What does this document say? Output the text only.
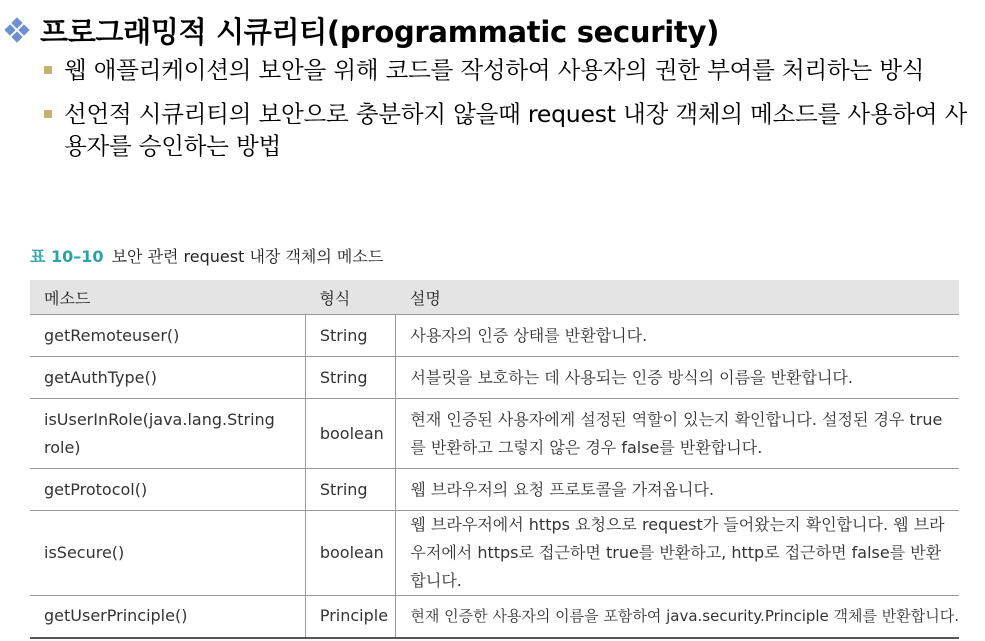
프로그래밍적 시큐리티(programmatic security)
웹 애플리케이션의 보안을 위해 코드를 작성하여 사용자의 권한 부여를 처리하는 방식
선언적 시큐리티의 보안으로 충분하지 않을때 request 내장 객체의 메소드를 사용하여 사용자를 승인하는 방법
표 10–10 보안 관련 request 내장 객체의 메소드
메소드	형식	설명
getRemoteuser()	String	사용자의 인증 상태를 반환합니다.
getAuthType()	String	서블릿을 보호하는 데 사용되는 인증 방식의 이름을 반환합니다.
isUserInRole(java.lang.String role)	boolean	현재 인증된 사용자에게 설정된 역할이 있는지 확인합니다. 설정된 경우 true를 반환하고 그렇지 않은 경우 false를 반환합니다.
getProtocol()	String	웹 브라우저의 요청 프로토콜을 가져옵니다.
isSecure()	boolean	웹 브라우저에서 https 요청으로 request가 들어왔는지 확인합니다. 웹 브라우저에서 https로 접근하면 true를 반환하고, http로 접근하면 false를 반환합니다.
getUserPrinciple()	Principle	현재 인증한 사용자의 이름을 포함하여 java.security.Principle 객체를 반환합니다.
